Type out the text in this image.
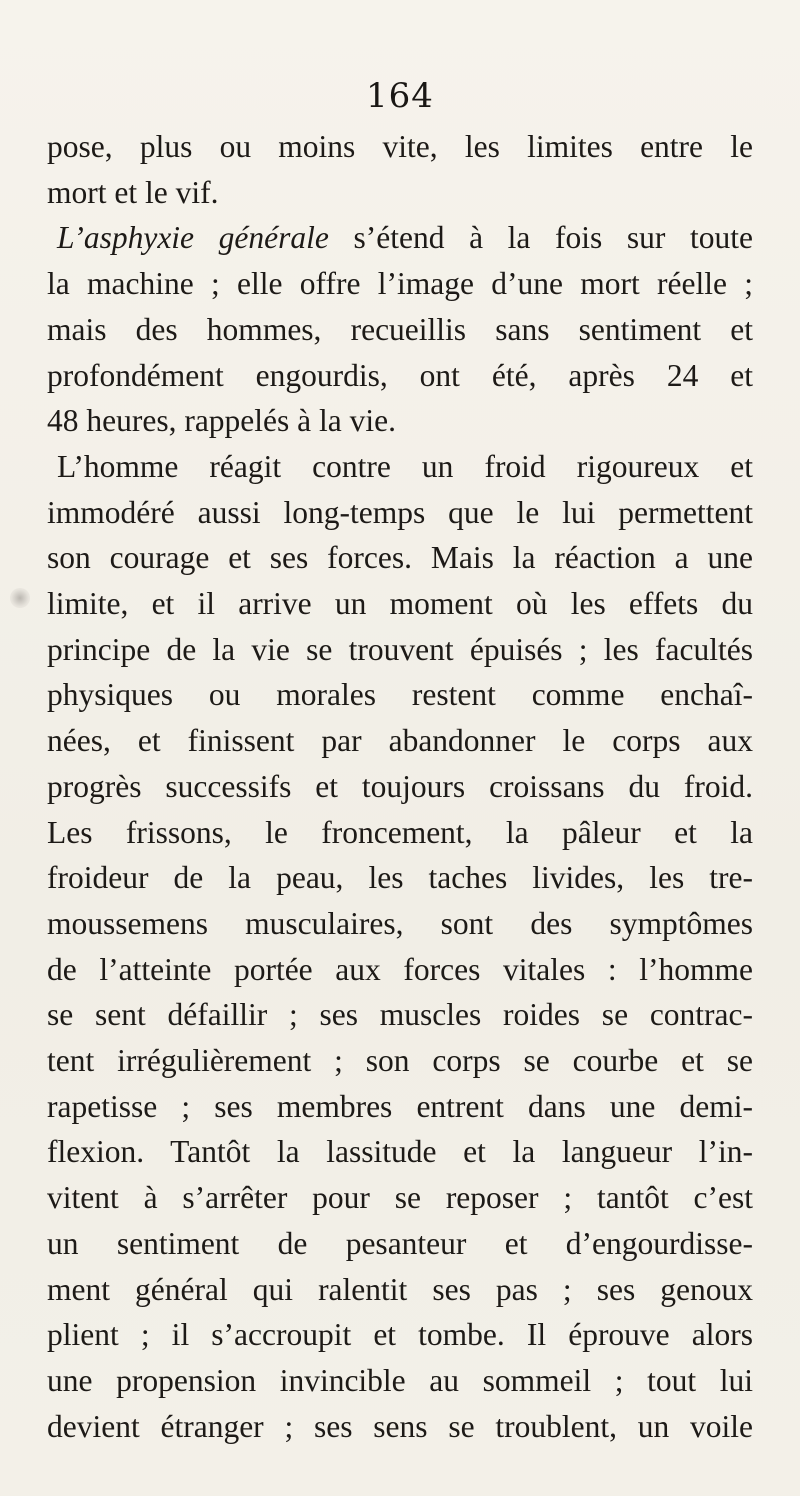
164
pose, plus ou moins vite, les limites entre le
mort et le vif.
L’asphyxie générale s’étend à la fois sur toute
la machine ; elle offre l’image d’une mort réelle ;
mais des hommes, recueillis sans sentiment et
profondément engourdis, ont été, après 24 et
48 heures, rappelés à la vie.
L’homme réagit contre un froid rigoureux et
immodéré aussi long-temps que le lui permettent
son courage et ses forces. Mais la réaction a une
limite, et il arrive un moment où les effets du
principe de la vie se trouvent épuisés ; les facultés
physiques ou morales restent comme enchaî-
nées, et finissent par abandonner le corps aux
progrès successifs et toujours croissans du froid.
Les frissons, le froncement, la pâleur et la
froideur de la peau, les taches livides, les tre-
moussemens musculaires, sont des symptômes
de l’atteinte portée aux forces vitales : l’homme
se sent défaillir ; ses muscles roides se contrac-
tent irrégulièrement ; son corps se courbe et se
rapetisse ; ses membres entrent dans une demi-
flexion. Tantôt la lassitude et la langueur l’in-
vitent à s’arrêter pour se reposer ; tantôt c’est
un sentiment de pesanteur et d’engourdisse-
ment général qui ralentit ses pas ; ses genoux
plient ; il s’accroupit et tombe. Il éprouve alors
une propension invincible au sommeil ; tout lui
devient étranger ; ses sens se troublent, un voile
